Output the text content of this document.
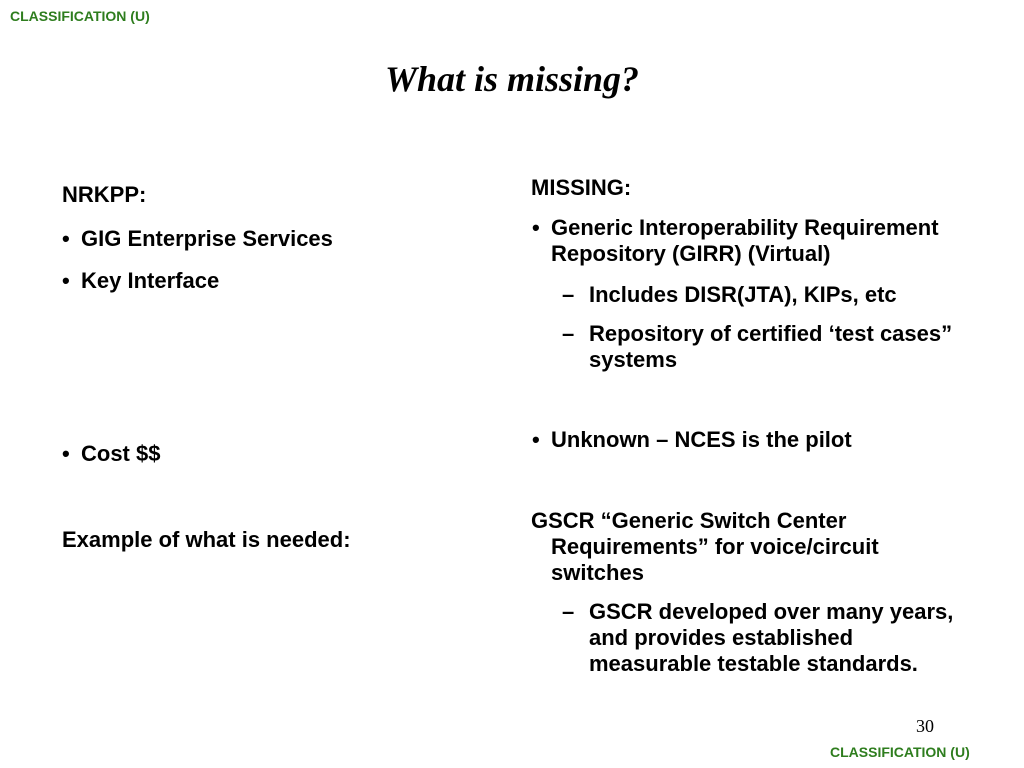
CLASSIFICATION (U)
What is missing?
NRKPP:
• GIG Enterprise Services
• Key Interface
• Cost $$
Example of what is needed:
MISSING:
• Generic Interoperability Requirement
Repository (GIRR) (Virtual)
– Includes DISR(JTA), KIPs, etc
– Repository of certified ‘test cases”
systems
• Unknown – NCES is the pilot
GSCR “Generic Switch Center
Requirements” for voice/circuit
switches
– GSCR developed over many years,
and provides established
measurable testable standards.
30
CLASSIFICATION (U)
